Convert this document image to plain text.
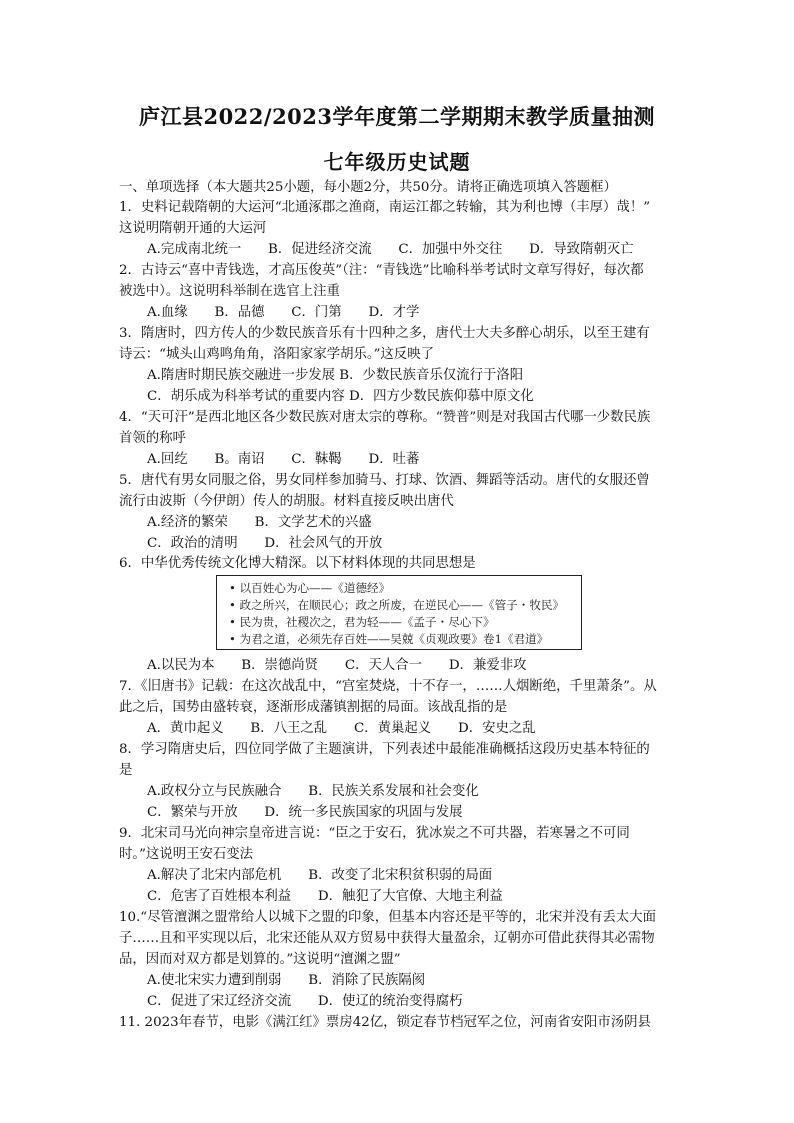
庐江县2022/2023学年度第二学期期末教学质量抽测
七年级历史试题
一、单项选择（本大题共25小题，每小题2分，共50分。请将正确选项填入答题框）
1．史料记载隋朝的大运河“北通涿郡之渔商，南运江都之转输，其为利也博（丰厚）哉！”
这说明隋朝开通的大运河
A.完成南北统一　　B．促进经济交流　　C．加强中外交往　　D．导致隋朝灭亡
2．古诗云“喜中青钱选，才高压俊英”（注：“青钱选”比喻科举考试时文章写得好，每次都
被选中）。这说明科举制在选官上注重
A.血缘　　B．品德　　C．门第　　D．才学
3．隋唐时，四方传人的少数民族音乐有十四种之多，唐代士大夫多醉心胡乐，以至王建有
诗云：“城头山鸡鸣角角，洛阳家家学胡乐。”这反映了
A.隋唐时期民族交融进一步发展 B．少数民族音乐仅流行于洛阳
C．胡乐成为科举考试的重要内容 D．四方少数民族仰慕中原文化
4．“天可汗”是西北地区各少数民族对唐太宗的尊称。“赞普”则是对我国古代哪一少数民族
首领的称呼
A.回纥　　B。南诏　　C．靺鞨　　D．吐蕃
5．唐代有男女同服之俗，男女同样参加骑马、打球、饮酒、舞蹈等活动。唐代的女服还曾
流行由波斯（今伊朗）传人的胡服。材料直接反映出唐代
A.经济的繁荣　　B．文学艺术的兴盛
C．政治的清明　　D．社会风气的开放
6．中华优秀传统文化博大精深。以下材料体现的共同思想是
• 以百姓心为心——《道德经》
• 政之所兴，在顺民心；政之所废，在逆民心——《管子・牧民》
• 民为贵，社稷次之，君为轻——《孟子・尽心下》
• 为君之道，必须先存百姓——吴兢《贞观政要》卷1《君道》
A.以民为本　　B．崇德尚贤　　C．天人合一　　D．兼爱非攻
7．《旧唐书》记载：在这次战乱中，“宫室焚烧，十不存一，……人烟断绝，千里萧条”。从
此之后，国势由盛转衰，逐渐形成藩镇割据的局面。该战乱指的是
A．黄巾起义　　B．八王之乱　　C．黄巢起义　　D．安史之乱
8．学习隋唐史后，四位同学做了主题演讲，下列表述中最能准确概括这段历史基本特征的
是
A.政权分立与民族融合　　B．民族关系发展和社会变化
C．繁荣与开放　　D．统一多民族国家的巩固与发展
9．北宋司马光向神宗皇帝进言说：“臣之于安石，犹冰炭之不可共器，若寒暑之不可同
时。”这说明王安石变法
A.解决了北宋内部危机　　B．改变了北宋积贫积弱的局面
C．危害了百姓根本利益　　D．触犯了大官僚、大地主利益
10.“尽管澶渊之盟常给人以城下之盟的印象，但基本内容还是平等的，北宋并没有丢太大面
子……且和平实现以后，北宋还能从双方贸易中获得大量盈余，辽朝亦可借此获得其必需物
品，因而对双方都是划算的。”这说明“澶渊之盟”
A.使北宋实力遭到削弱　　B．消除了民族隔阂
C．促进了宋辽经济交流　　D．使辽的统治变得腐朽
11. 2023年春节，电影《满江红》票房42亿，锁定春节档冠军之位，河南省安阳市汤阴县
